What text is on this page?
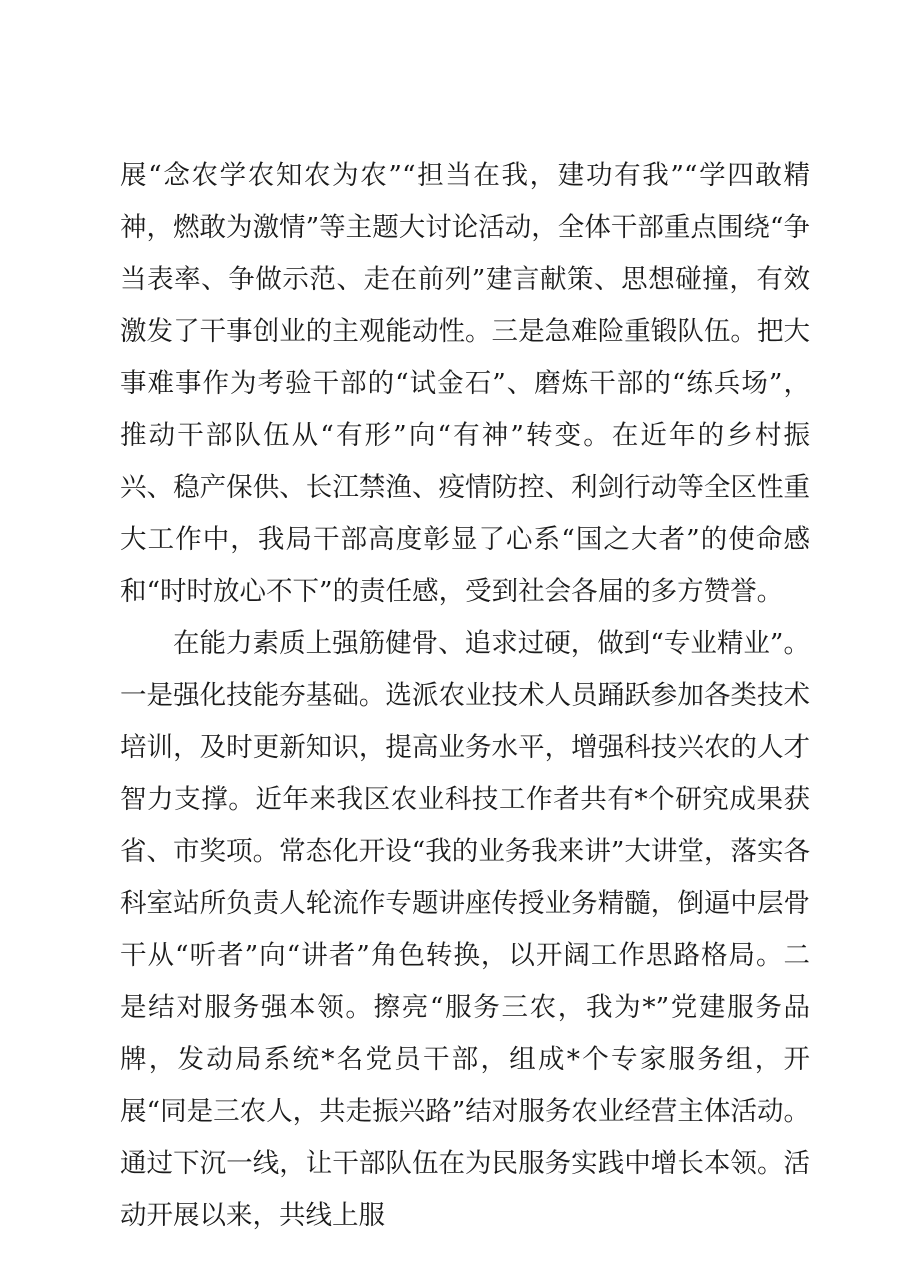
展“念农学农知农为农”“担当在我，建功有我”“学四敢精神，燃敢为激情”等主题大讨论活动，全体干部重点围绕“争当表率、争做示范、走在前列”建言献策、思想碰撞，有效激发了干事创业的主观能动性。三是急难险重锻队伍。把大事难事作为考验干部的“试金石”、磨炼干部的“练兵场”，推动干部队伍从“有形”向“有神”转变。在近年的乡村振兴、稳产保供、长江禁渔、疫情防控、利剑行动等全区性重大工作中，我局干部高度彰显了心系“国之大者”的使命感和“时时放心不下”的责任感，受到社会各届的多方赞誉。

在能力素质上强筋健骨、追求过硬，做到“专业精业”。一是强化技能夯基础。选派农业技术人员踊跃参加各类技术培训，及时更新知识，提高业务水平，增强科技兴农的人才智力支撑。近年来我区农业科技工作者共有*个研究成果获省、市奖项。常态化开设“我的业务我来讲”大讲堂，落实各科室站所负责人轮流作专题讲座传授业务精髓，倒逼中层骨干从“听者”向“讲者”角色转换，以开阔工作思路格局。二是结对服务强本领。擦亮“服务三农，我为*”党建服务品牌，发动局系统*名党员干部，组成*个专家服务组，开展“同是三农人，共走振兴路”结对服务农业经营主体活动。通过下沉一线，让干部队伍在为民服务实践中增长本领。活动开展以来，共线上服
